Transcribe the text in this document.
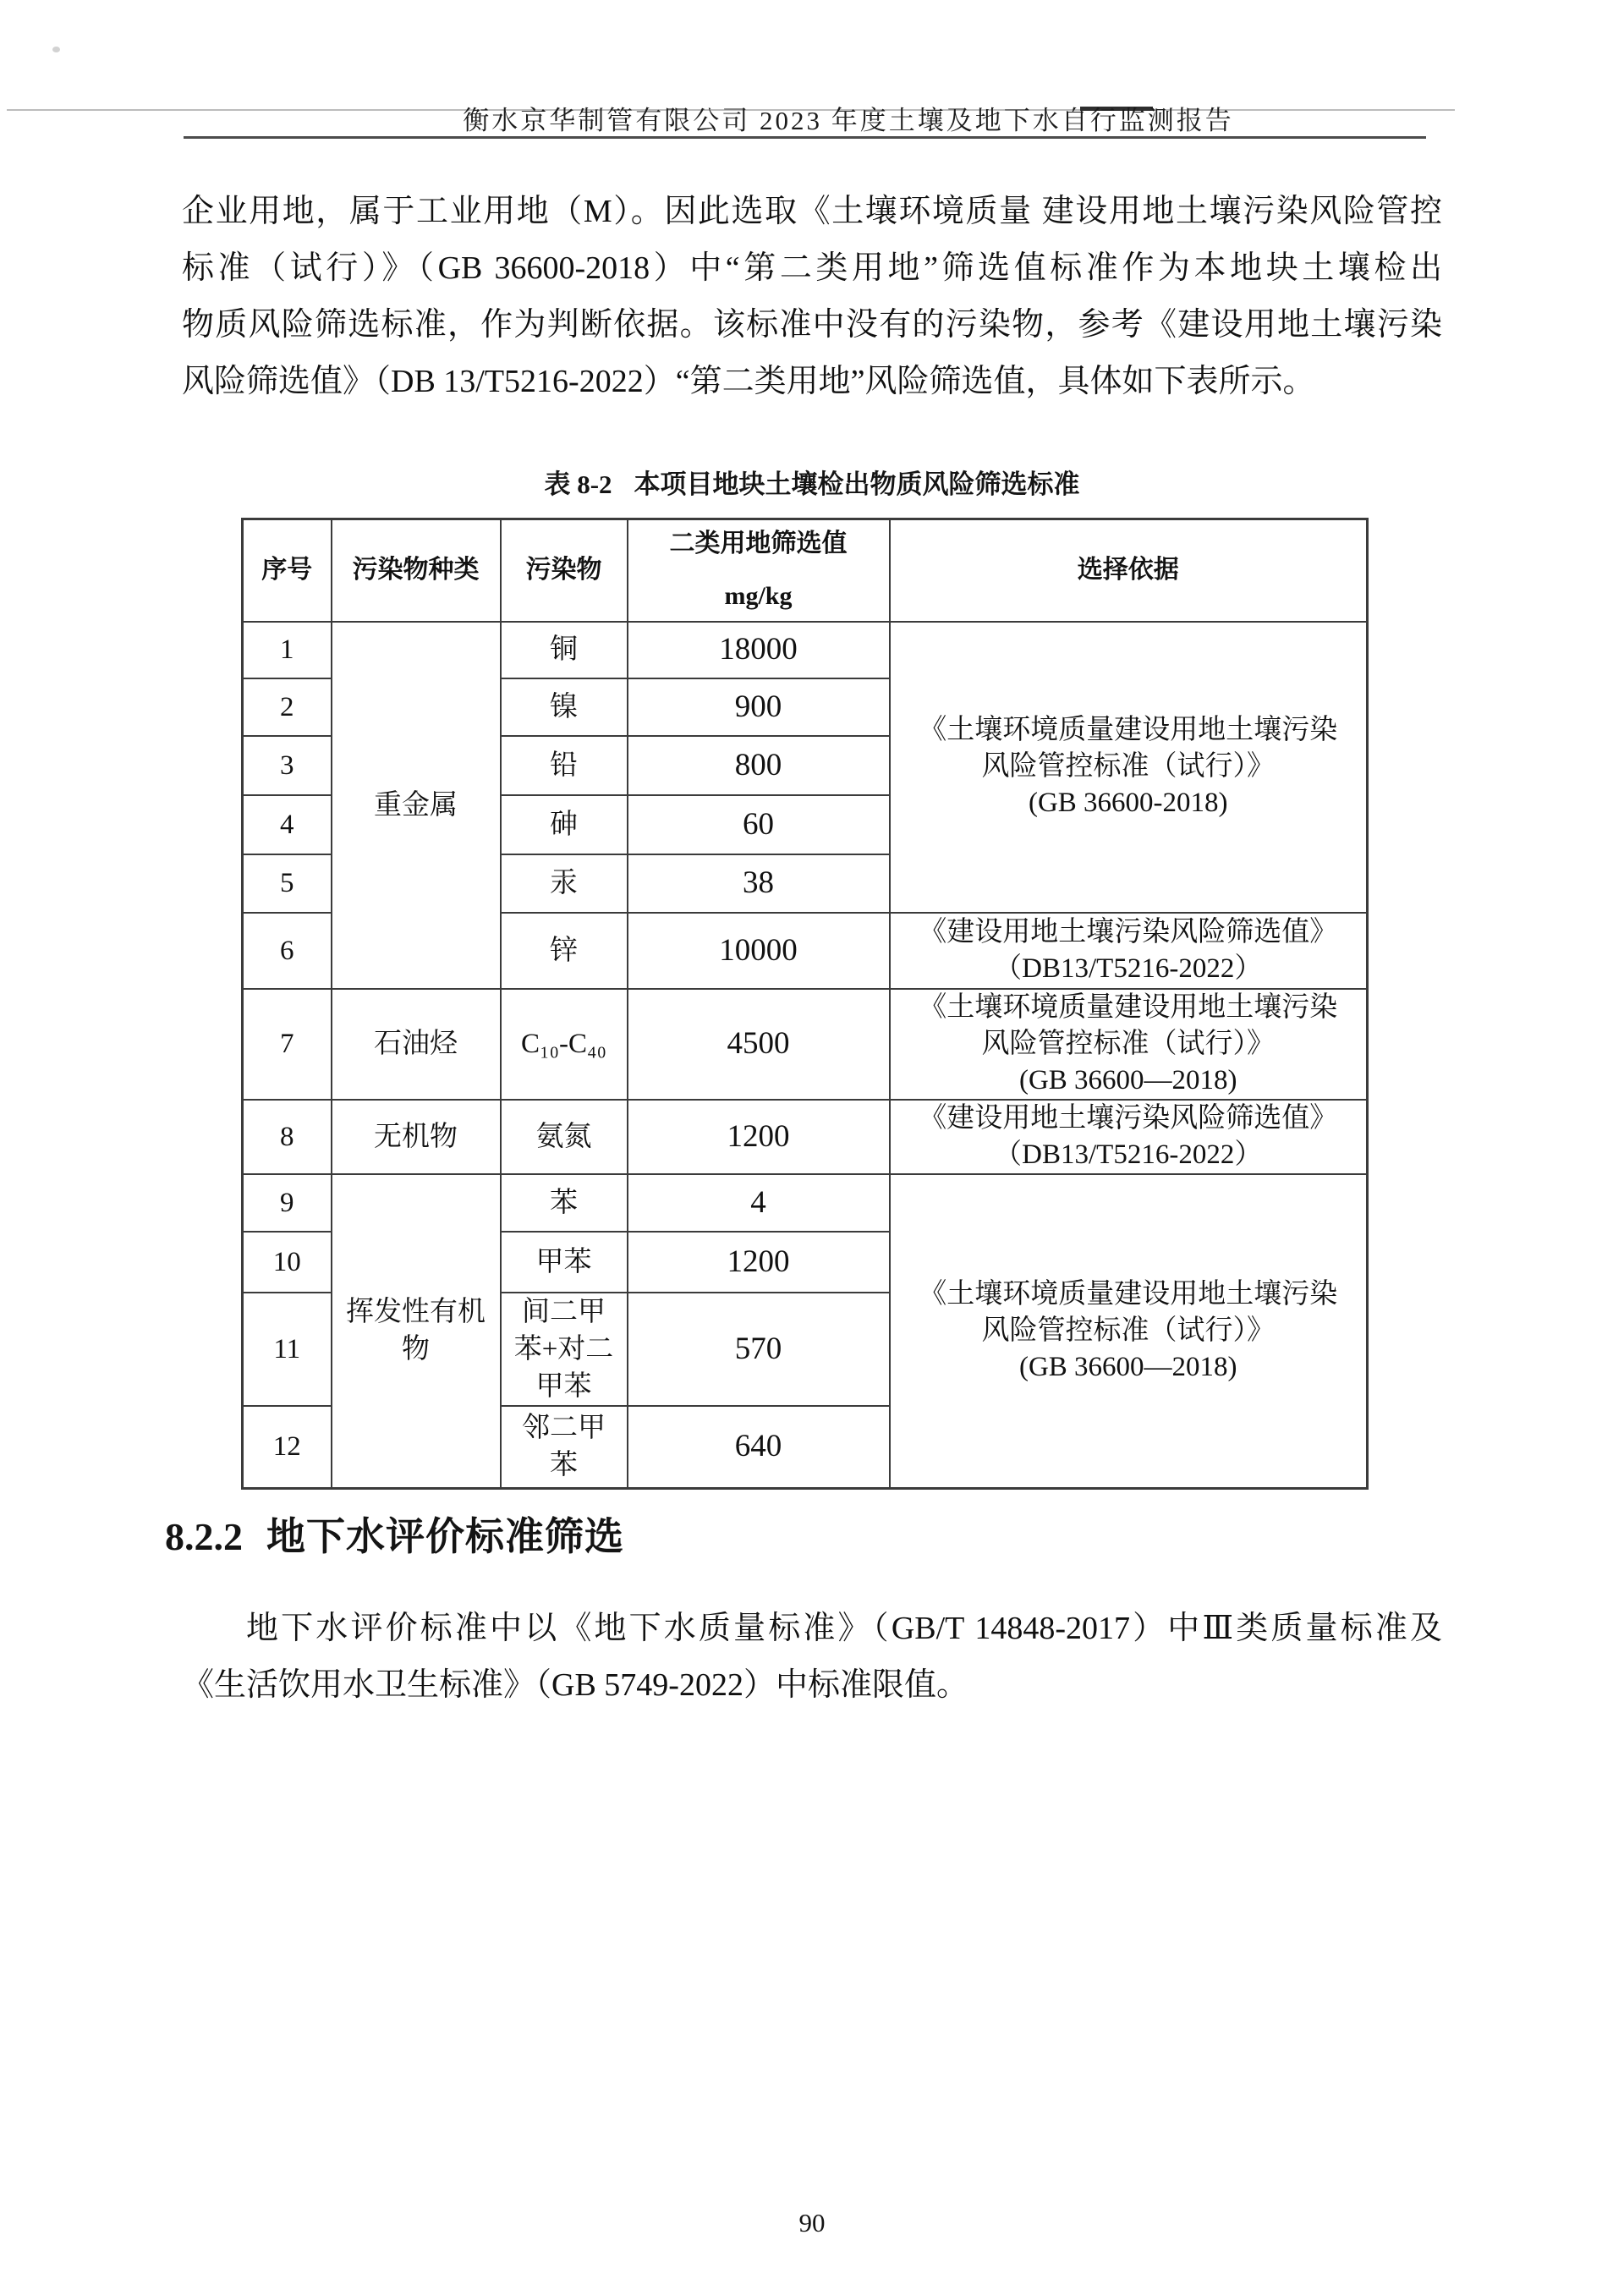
衡水京华制管有限公司 2023 年度土壤及地下水自行监测报告
企业用地，属于工业用地（M）。因此选取《土壤环境质量 建设用地土壤污染风险管控
标准（试行）》（GB 36600-2018）中“第二类用地”筛选值标准作为本地块土壤检出
物质风险筛选标准，作为判断依据。该标准中没有的污染物，参考《建设用地土壤污染
风险筛选值》（DB 13/T5216-2022）“第二类用地”风险筛选值，具体如下表所示。
表 8-2 本项目地块土壤检出物质风险筛选标准
序号	污染物种类	污染物	二类用地筛选值
mg/kg	选择依据
1	重金属	铜	18000	《土壤环境质量建设用地土壤污染
风险管控标准（试行）》
(GB 36600-2018)

2		镍	900	
3		铅	800	
4		砷	60	
5		汞	38	
6		锌	10000	《建设用地土壤污染风险筛选值》
（DB13/T5216-2022）

7	石油烃	C₁₀-C₄₀	4500	《土壤环境质量建设用地土壤污染
风险管控标准（试行）》
(GB 36600—2018)

8	无机物	氨氮	1200	《建设用地土壤污染风险筛选值》
（DB13/T5216-2022）

9	挥发性有机物	苯	4	《土壤环境质量建设用地土壤污染
风险管控标准（试行）》
(GB 36600—2018)

10		甲苯	1200	
11		间二甲苯+对二甲苯	570	
12		邻二甲苯	640	
8.2.2 地下水评价标准筛选
地下水评价标准中以《地下水质量标准》（GB/T 14848-2017）中Ⅲ类质量标准及
《生活饮用水卫生标准》（GB 5749-2022）中标准限值。
90
